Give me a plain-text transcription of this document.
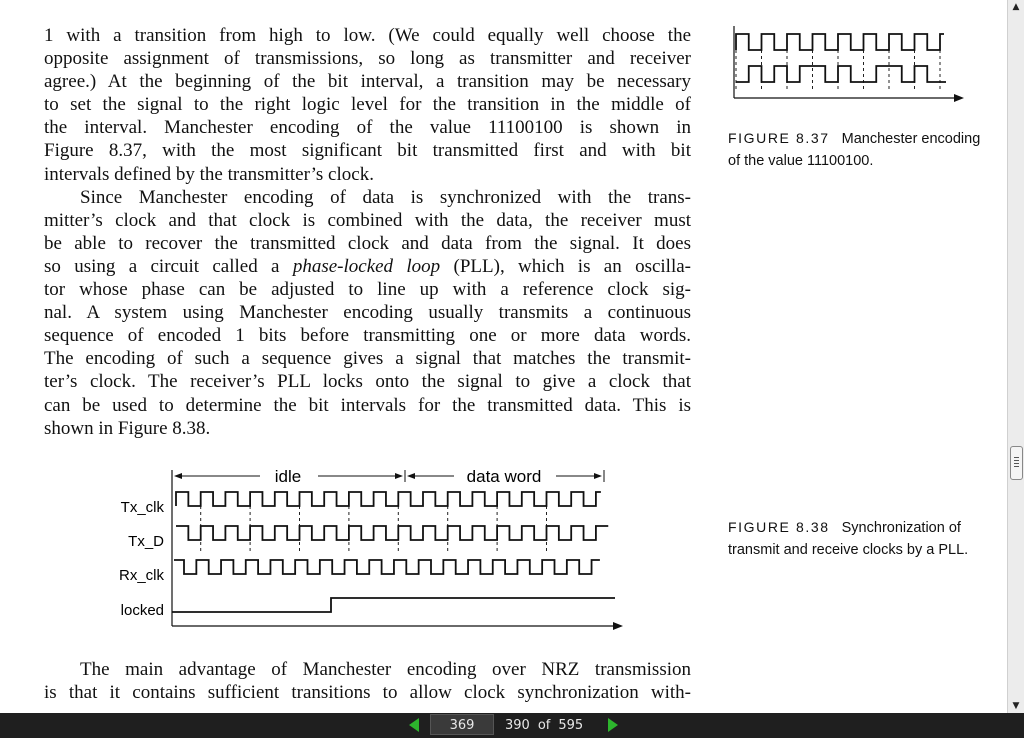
1 with a transition from high to low. (We could equally well choose the
opposite assignment of transmissions, so long as transmitter and receiver
agree.) At the beginning of the bit interval, a transition may be necessary
to set the signal to the right logic level for the transition in the middle of
the interval. Manchester encoding of the value 11100100 is shown in
Figure 8.37, with the most significant bit transmitted first and with bit
intervals defined by the transmitter’s clock.
Since Manchester encoding of data is synchronized with the trans-
mitter’s clock and that clock is combined with the data, the receiver must
be able to recover the transmitted clock and data from the signal. It does
so using a circuit called a phase-locked loop (PLL), which is an oscilla-
tor whose phase can be adjusted to line up with a reference clock sig-
nal. A system using Manchester encoding usually transmits a continuous
sequence of encoded 1 bits before transmitting one or more data words.
The encoding of such a sequence gives a signal that matches the transmit-
ter’s clock. The receiver’s PLL locks onto the signal to give a clock that
can be used to determine the bit intervals for the transmitted data. This is
shown in Figure 8.38.
FIGURE 8.37 Manchester encoding of the value 11100100.
idle	data word
Tx_clk
Tx_D
Rx_clk
locked
FIGURE 8.38 Synchronization of transmit and receive clocks by a PLL.
The main advantage of Manchester encoding over NRZ transmission
is that it contains sufficient transitions to allow clock synchronization with-
▲
▼
369	390 of 595
